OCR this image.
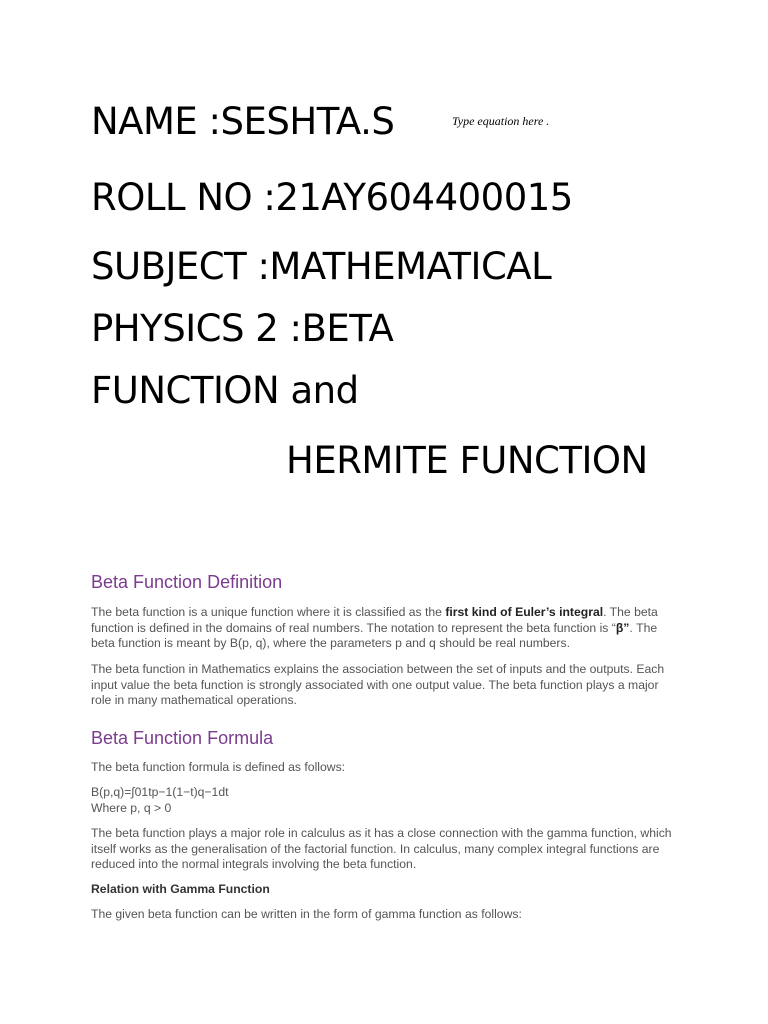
NAME :SESHTA.S	Type equation here .
ROLL NO :21AY604400015
SUBJECT :MATHEMATICAL
PHYSICS 2 :BETA
FUNCTION and
HERMITE FUNCTION
Beta Function Definition

The beta function is a unique function where it is classified as the first kind of Euler’s integral. The beta function is defined in the domains of real numbers. The notation to represent the beta function is “β”. The beta function is meant by B(p, q), where the parameters p and q should be real numbers.

The beta function in Mathematics explains the association between the set of inputs and the outputs. Each input value the beta function is strongly associated with one output value. The beta function plays a major role in many mathematical operations.

Beta Function Formula

The beta function formula is defined as follows:

B(p,q)=∫01tp−1(1−t)q−1dt

Where p, q > 0

The beta function plays a major role in calculus as it has a close connection with the gamma function, which itself works as the generalisation of the factorial function. In calculus, many complex integral functions are reduced into the normal integrals involving the beta function.

Relation with Gamma Function

The given beta function can be written in the form of gamma function as follows:
